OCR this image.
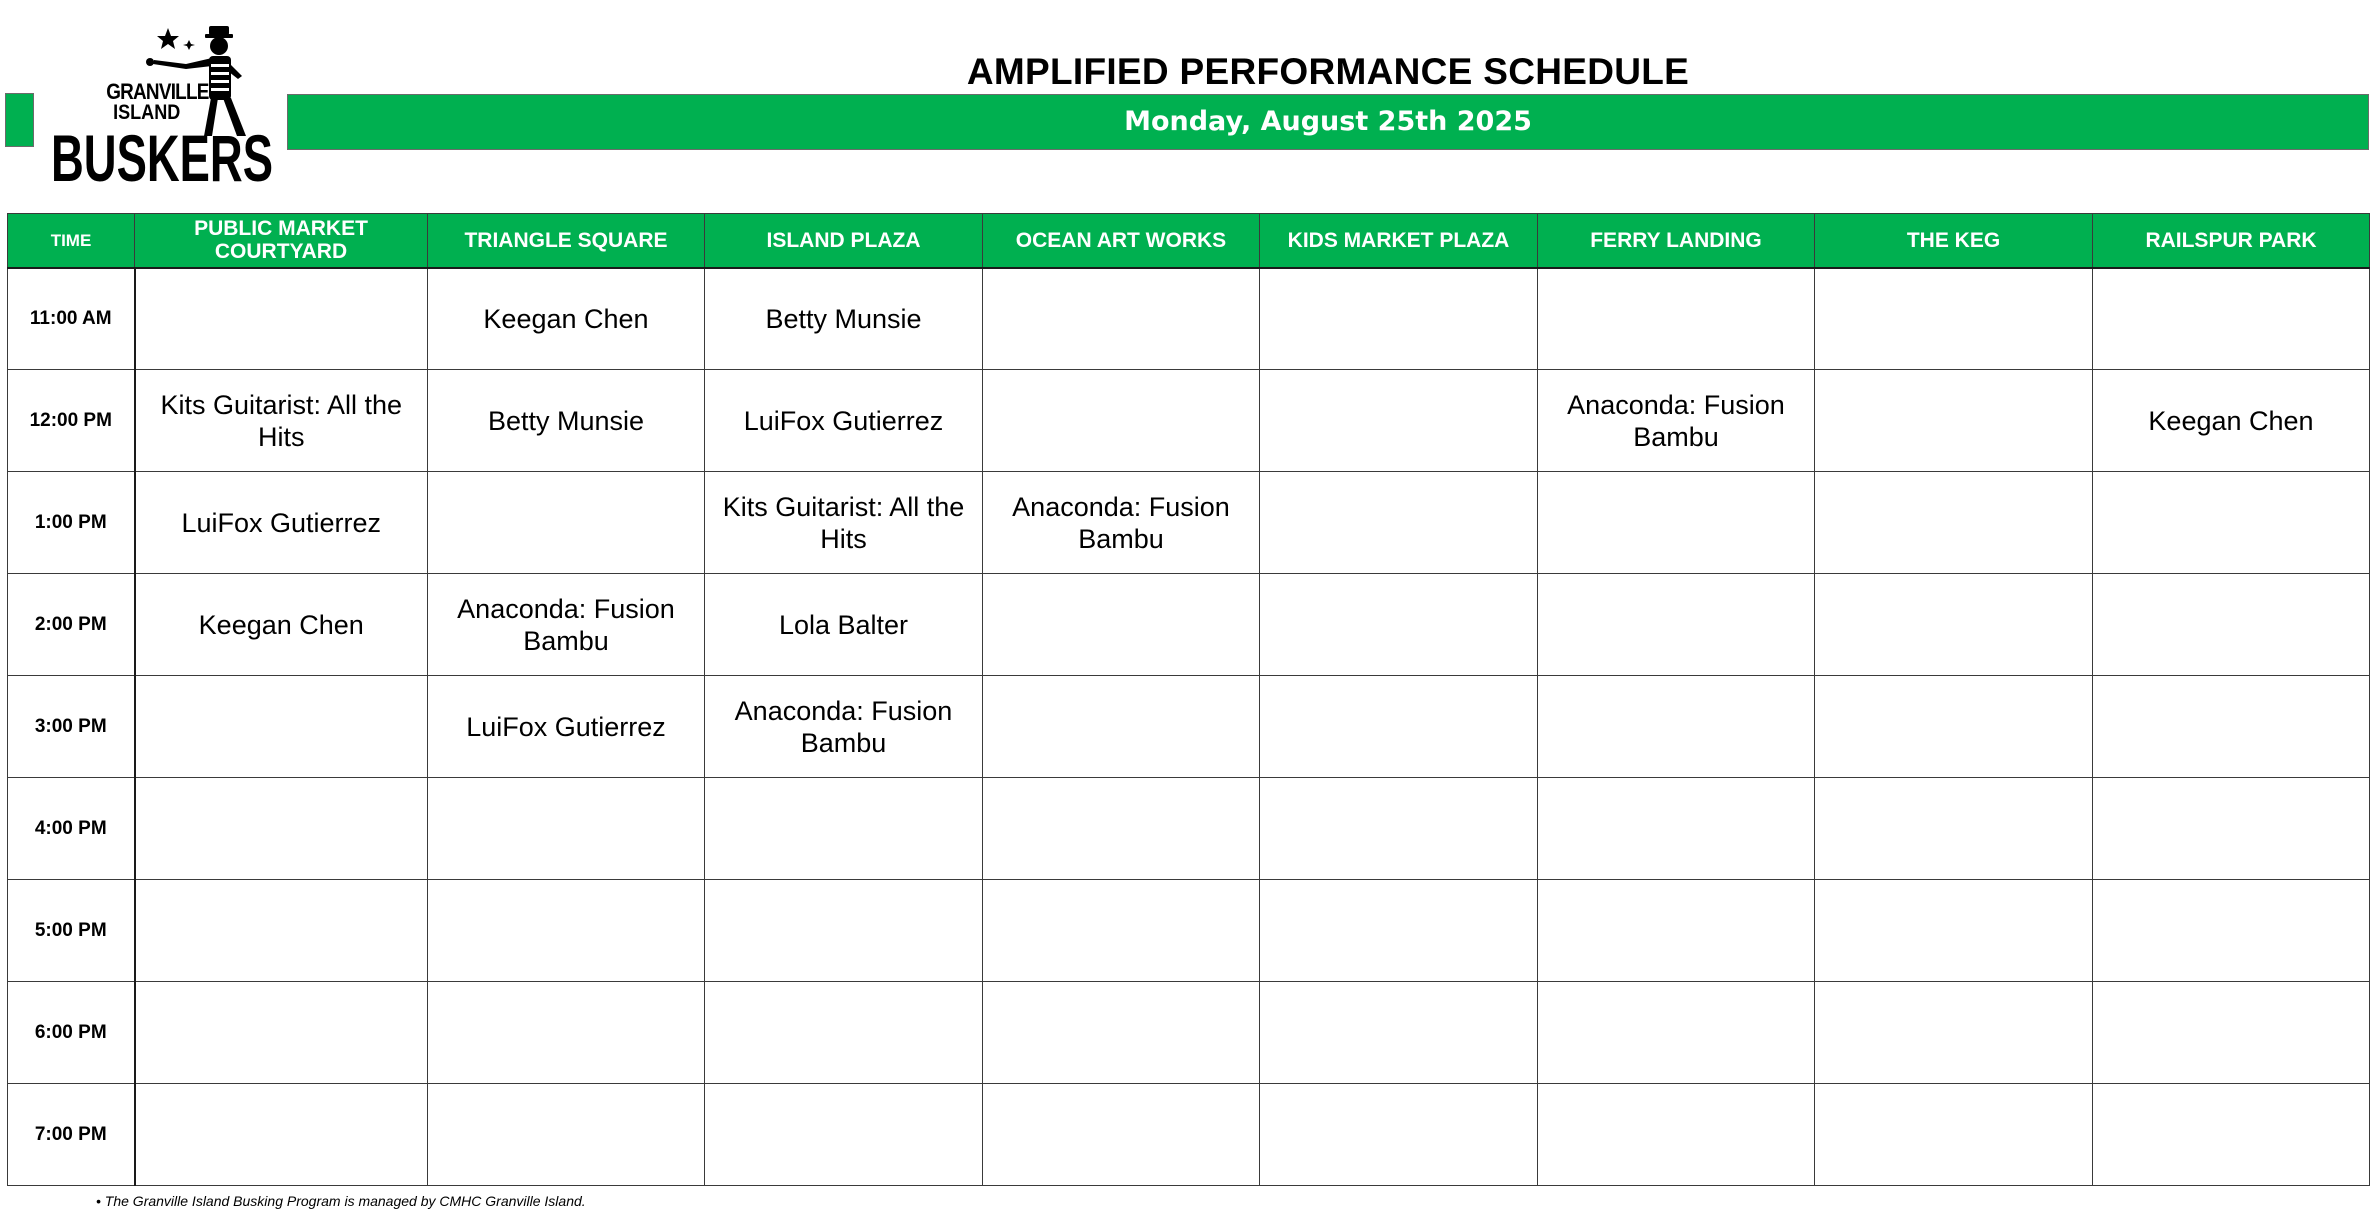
GRANVILLE
ISLAND
BUSKERS
AMPLIFIED PERFORMANCE SCHEDULE
Monday, August 25th 2025
TIME	PUBLIC MARKET COURTYARD	TRIANGLE SQUARE	ISLAND PLAZA	OCEAN ART WORKS	KIDS MARKET PLAZA	FERRY LANDING	THE KEG	RAILSPUR PARK
11:00 AM		Keegan Chen	Betty Munsie					
12:00 PM	Kits Guitarist: All the Hits	Betty Munsie	LuiFox Gutierrez			Anaconda: Fusion Bambu		Keegan Chen
1:00 PM	LuiFox Gutierrez		Kits Guitarist: All the Hits	Anaconda: Fusion Bambu				
2:00 PM	Keegan Chen	Anaconda: Fusion Bambu	Lola Balter					
3:00 PM		LuiFox Gutierrez	Anaconda: Fusion Bambu					
4:00 PM								
5:00 PM								
6:00 PM								
7:00 PM								
• The Granville Island Busking Program is managed by CMHC Granville Island.
